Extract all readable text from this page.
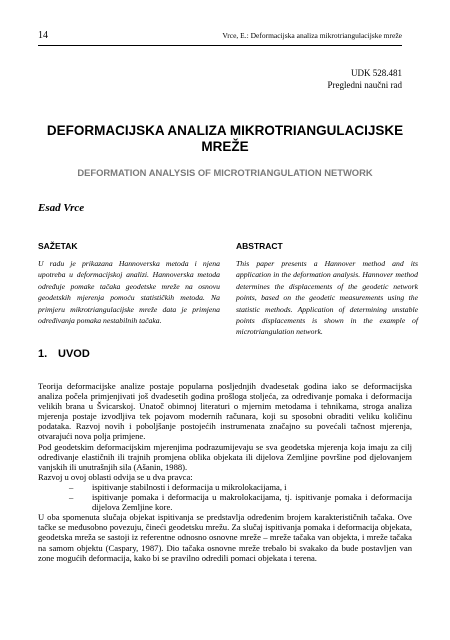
14	Vrce, E.: Deformacijska analiza mikrotriangulacijske mreže
UDK 528.481
Pregledni naučni rad
DEFORMACIJSKA ANALIZA MIKROTRIANGULACIJSKE MREŽE
DEFORMATION ANALYSIS OF MICROTRIANGULATION NETWORK
Esad Vrce
SAŽETAK
U radu je prikazana Hannoverska metoda i njena upotreba u deformacijskoj analizi. Hannoverska metoda određuje pomake tačaka geodetske mreže na osnovu geodetskih mjerenja pomoću statističkih metoda. Na primjeru mikrotriangulacijske mreže data je primjena određivanja pomaka nestabilnih tačaka.
ABSTRACT
This paper presents a Hannover method and its application in the deformation analysis. Hannover method determines the displacements of the geodetic network points, based on the geodetic measurements using the statistic methods. Application of determining unstable points displacements is shown in the example of microtriangulation network.
1. UVOD

Teorija deformacijske analize postaje popularna posljednjih dvadesetak godina iako se deformacijska analiza počela primjenjivati još dvadesetih godina prošloga stoljeća, za određivanje pomaka i deformacija velikih brana u Švicarskoj. Unatoč obimnoj literaturi o mjernim metodama i tehnikama, stroga analiza mjerenja postaje izvodljiva tek pojavom modernih računara, koji su sposobni obraditi veliku količinu podataka. Razvoj novih i poboljšanje postojećih instrumenata značajno su povećali tačnost mjerenja, otvarajući nova polja primjene.

Pod geodetskim deformacijskim mjerenjima podrazumijevaju se sva geodetska mjerenja koja imaju za cilj određivanje elastičnih ili trajnih promjena oblika objekata ili dijelova Zemljine površine pod djelovanjem vanjskih ili unutrašnjih sila (Ašanin, 1988).

Razvoj u ovoj oblasti odvija se u dva pravca:

– ispitivanje stabilnosti i deformacija u mikrolokacijama, i
– ispitivanje pomaka i deformacija u makrolokacijama, tj. ispitivanje pomaka i deformacija dijelova Zemljine kore.

U oba spomenuta slučaja objekat ispitivanja se predstavlja određenim brojem karakterističnih tačaka. Ove tačke se međusobno povezuju, čineći geodetsku mrežu. Za slučaj ispitivanja pomaka i deformacija objekata, geodetska mreža se sastoji iz referentne odnosno osnovne mreže – mreže tačaka van objekta, i mreže tačaka na samom objektu (Caspary, 1987). Dio tačaka osnovne mreže trebalo bi svakako da bude postavljen van zone mogućih deformacija, kako bi se pravilno odredili pomaci objekata i terena.
